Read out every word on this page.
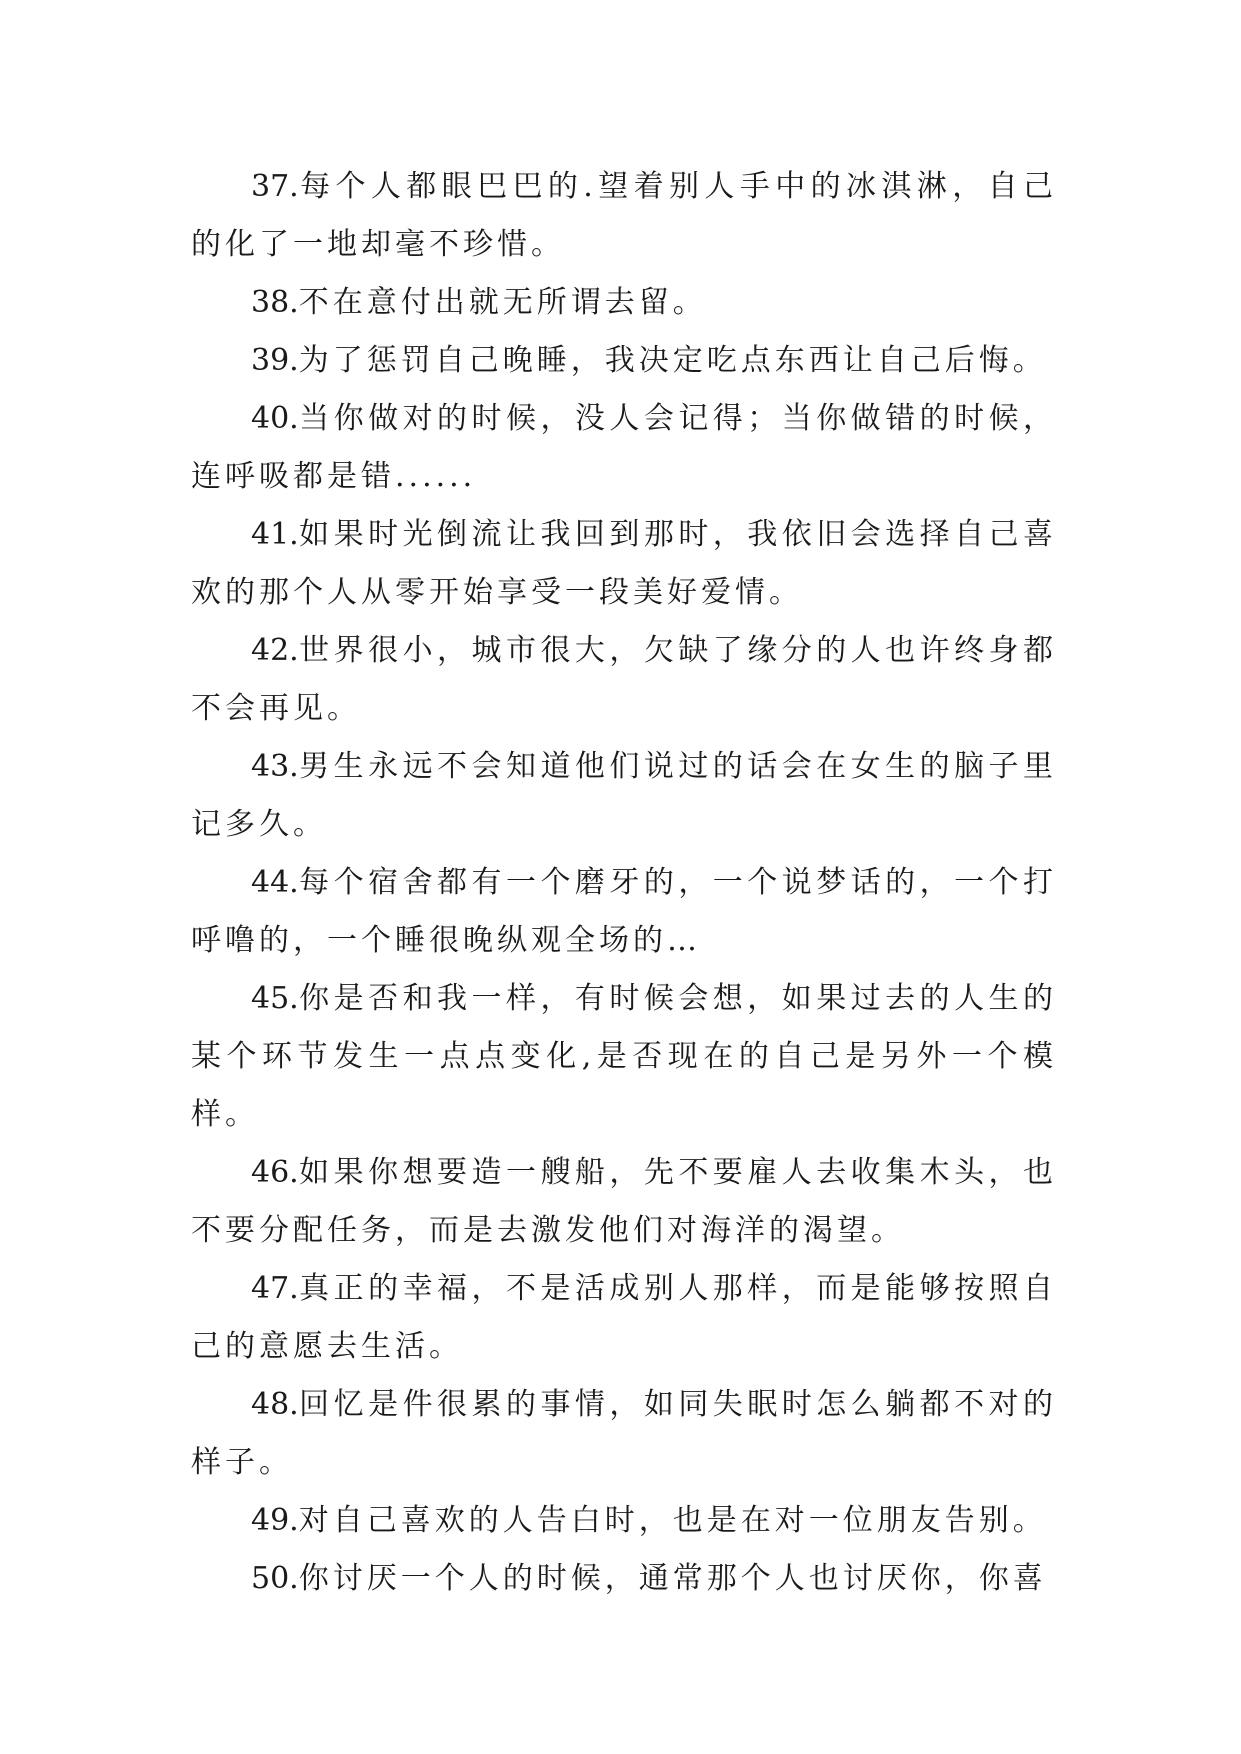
37.每个人都眼巴巴的.望着别人手中的冰淇淋，自己的化了一地却毫不珍惜。

38.不在意付出就无所谓去留。

39.为了惩罚自己晚睡，我决定吃点东西让自己后悔。

40.当你做对的时候，没人会记得；当你做错的时候，连呼吸都是错......

41.如果时光倒流让我回到那时，我依旧会选择自己喜欢的那个人从零开始享受一段美好爱情。

42.世界很小，城市很大，欠缺了缘分的人也许终身都不会再见。

43.男生永远不会知道他们说过的话会在女生的脑子里记多久。

44.每个宿舍都有一个磨牙的，一个说梦话的，一个打呼噜的，一个睡很晚纵观全场的…

45.你是否和我一样，有时候会想，如果过去的人生的某个环节发生一点点变化,是否现在的自己是另外一个模样。

46.如果你想要造一艘船，先不要雇人去收集木头，也不要分配任务，而是去激发他们对海洋的渴望。

47.真正的幸福，不是活成别人那样，而是能够按照自己的意愿去生活。

48.回忆是件很累的事情，如同失眠时怎么躺都不对的样子。

49.对自己喜欢的人告白时，也是在对一位朋友告别。

50.你讨厌一个人的时候，通常那个人也讨厌你，你喜
